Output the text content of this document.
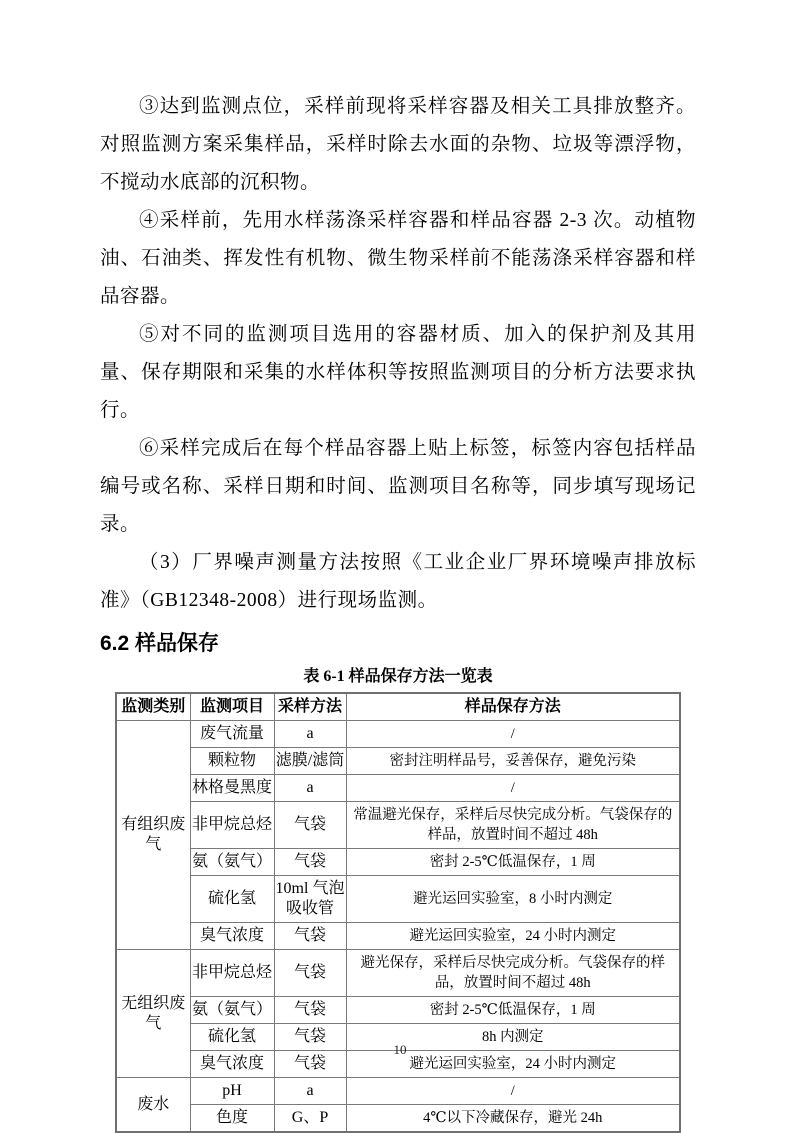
③达到监测点位，采样前现将采样容器及相关工具排放整齐。对照监测方案采集样品，采样时除去水面的杂物、垃圾等漂浮物，不搅动水底部的沉积物。

④采样前，先用水样荡涤采样容器和样品容器 2-3 次。动植物油、石油类、挥发性有机物、微生物采样前不能荡涤采样容器和样品容器。

⑤对不同的监测项目选用的容器材质、加入的保护剂及其用量、保存期限和采集的水样体积等按照监测项目的分析方法要求执行。

⑥采样完成后在每个样品容器上贴上标签，标签内容包括样品编号或名称、采样日期和时间、监测项目名称等，同步填写现场记录。

（3）厂界噪声测量方法按照《工业企业厂界环境噪声排放标准》（GB12348-2008）进行现场监测。

6.2 样品保存
表 6-1 样品保存方法一览表
监测类别	监测项目	采样方法	样品保存方法
有组织废气	废气流量	a	/
	颗粒物	滤膜/滤筒	密封注明样品号，妥善保存，避免污染
	林格曼黑度	a	/
	非甲烷总烃	气袋	常温避光保存，采样后尽快完成分析。气袋保存的样品，放置时间不超过 48h
	氨（氨气）	气袋	密封 2-5℃低温保存，1 周
	硫化氢	10ml 气泡吸收管	避光运回实验室，8 小时内测定
	臭气浓度	气袋	避光运回实验室，24 小时内测定
无组织废气	非甲烷总烃	气袋	避光保存，采样后尽快完成分析。气袋保存的样品，放置时间不超过 48h
	氨（氨气）	气袋	密封 2-5℃低温保存，1 周
	硫化氢	气袋	8h 内测定
	臭气浓度	气袋	避光运回实验室，24 小时内测定
废水	pH	a	/
	色度	G、P	4℃以下冷藏保存，避光 24h
10
